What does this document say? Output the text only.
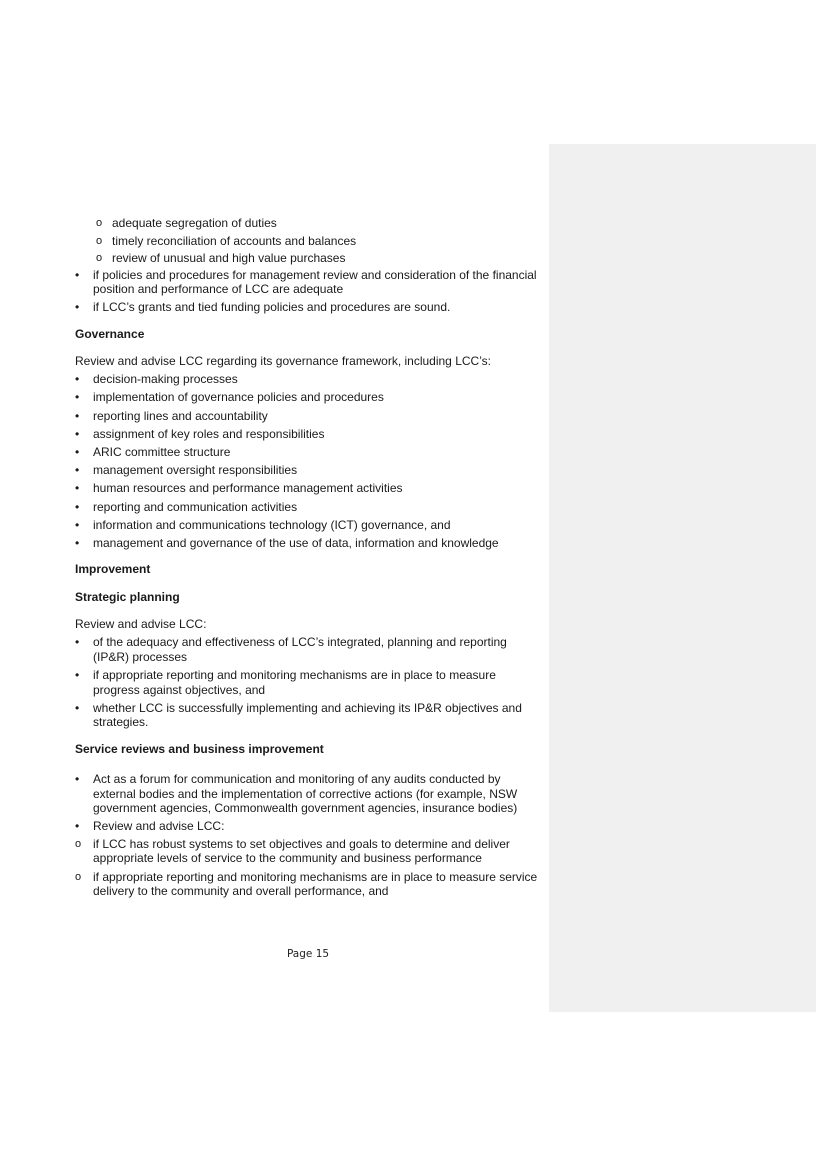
o adequate segregation of duties
o timely reconciliation of accounts and balances
o review of unusual and high value purchases
• if policies and procedures for management review and consideration of the financial position and performance of LCC are adequate
• if LCC’s grants and tied funding policies and procedures are sound.

Governance

Review and advise LCC regarding its governance framework, including LCC’s:

• decision-making processes
• implementation of governance policies and procedures
• reporting lines and accountability
• assignment of key roles and responsibilities
• ARIC committee structure
• management oversight responsibilities
• human resources and performance management activities
• reporting and communication activities
• information and communications technology (ICT) governance, and
• management and governance of the use of data, information and knowledge

Improvement

Strategic planning

Review and advise LCC:

• of the adequacy and effectiveness of LCC’s integrated, planning and reporting (IP&R) processes
• if appropriate reporting and monitoring mechanisms are in place to measure progress against objectives, and
• whether LCC is successfully implementing and achieving its IP&R objectives and strategies.

Service reviews and business improvement

• Act as a forum for communication and monitoring of any audits conducted by external bodies and the implementation of corrective actions (for example, NSW government agencies, Commonwealth government agencies, insurance bodies)
• Review and advise LCC:
o if LCC has robust systems to set objectives and goals to determine and deliver appropriate levels of service to the community and business performance
o if appropriate reporting and monitoring mechanisms are in place to measure service delivery to the community and overall performance, and
Page 15
